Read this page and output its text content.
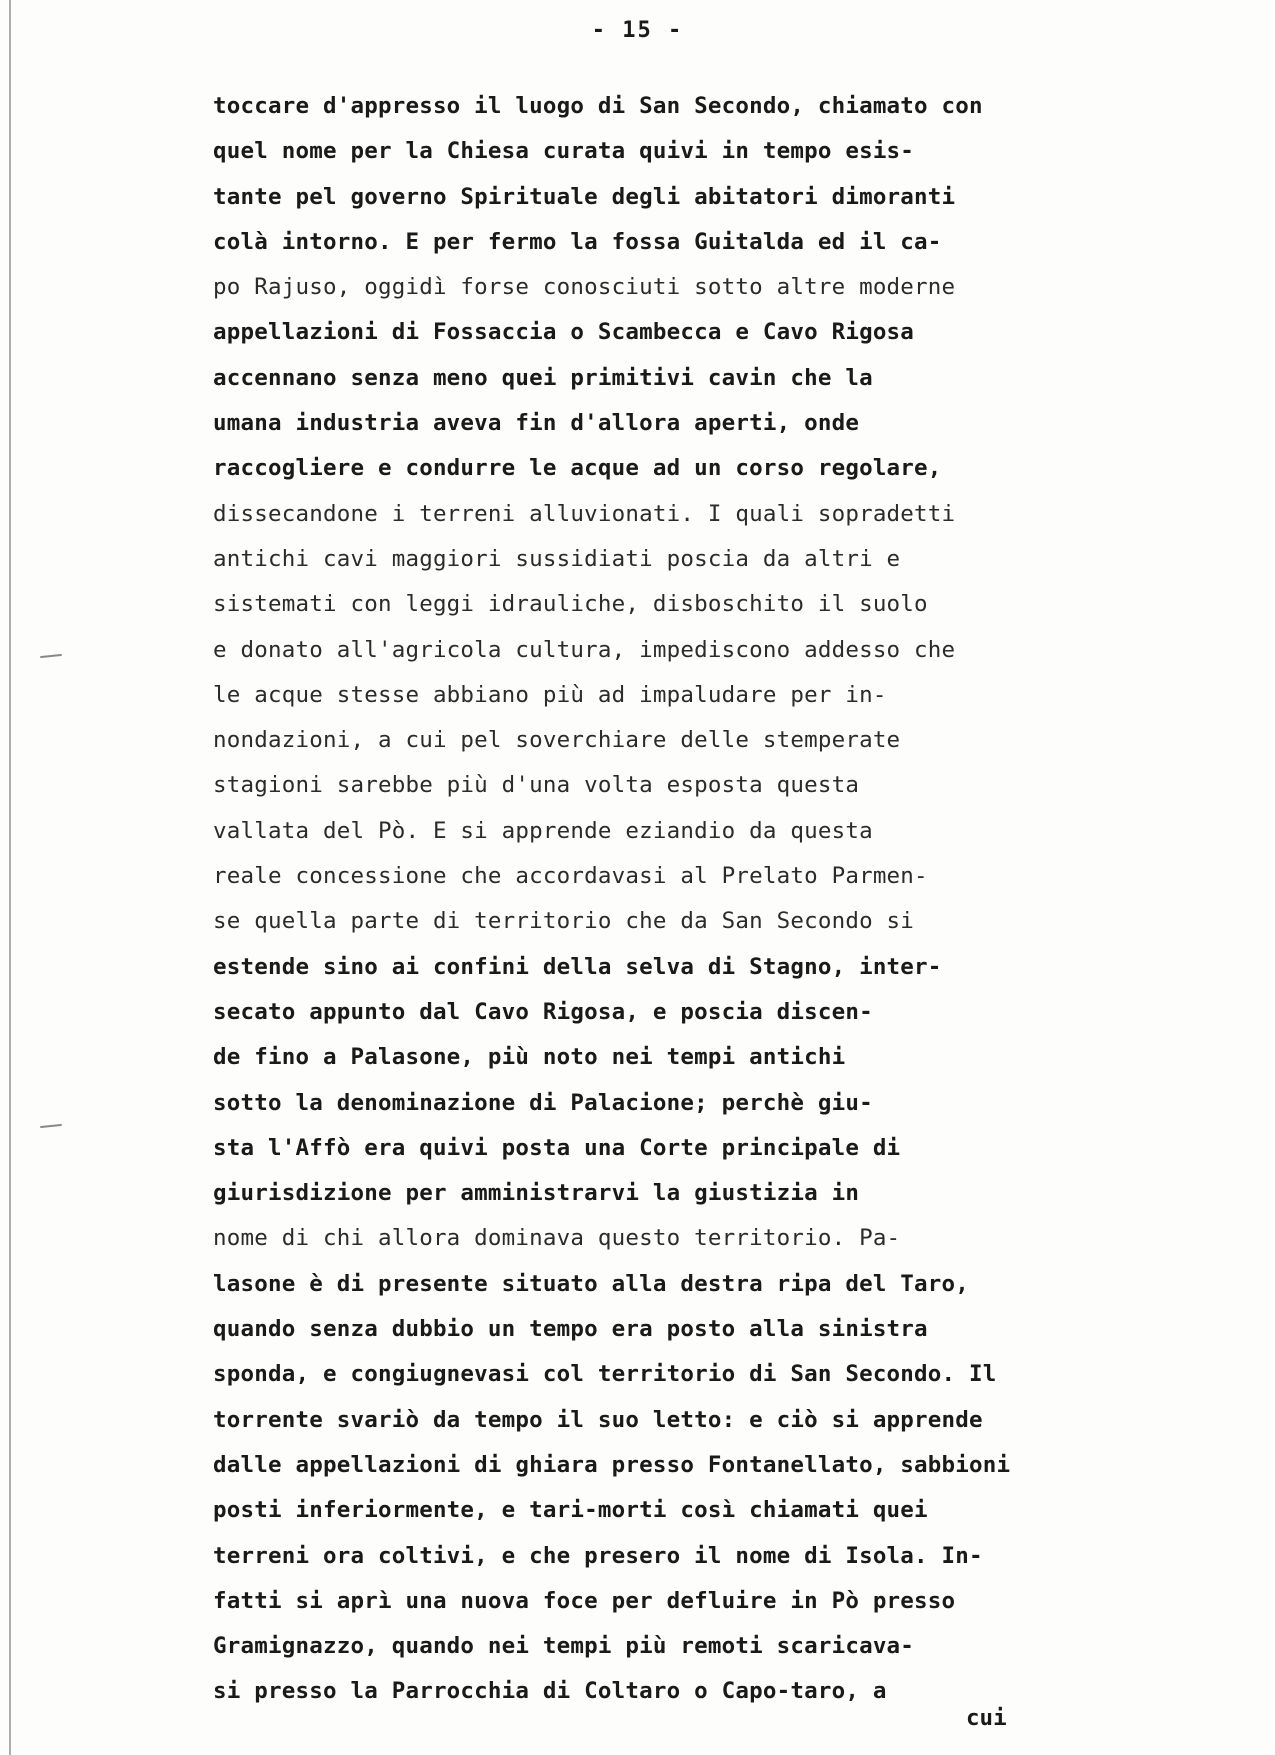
- 15 -
toccare d'appresso il luogo di San Secondo, chiamato con
quel nome per la Chiesa curata quivi in tempo esis-
tante pel governo Spirituale degli abitatori dimoranti
colà intorno. E per fermo la fossa Guitalda ed il ca-
po Rajuso, oggidì forse conosciuti sotto altre moderne
appellazioni di Fossaccia o Scambecca e Cavo Rigosa
accennano senza meno quei primitivi cavin che la
umana industria aveva fin d'allora aperti, onde
raccogliere e condurre le acque ad un corso regolare,
dissecandone i terreni alluvionati. I quali sopradetti
antichi cavi maggiori sussidiati poscia da altri e
sistemati con leggi idrauliche, disboschito il suolo
e donato all'agricola cultura, impediscono addesso che
le acque stesse abbiano più ad impaludare per in-
nondazioni, a cui pel soverchiare delle stemperate
stagioni sarebbe più d'una volta esposta questa
vallata del Pò. E si apprende eziandio da questa
reale concessione che accordavasi al Prelato Parmen-
se quella parte di territorio che da San Secondo si
estende sino ai confini della selva di Stagno, inter-
secato appunto dal Cavo Rigosa, e poscia discen-
de fino a Palasone, più noto nei tempi antichi
sotto la denominazione di Palacione; perchè giu-
sta l'Affò era quivi posta una Corte principale di
giurisdizione per amministrarvi la giustizia in
nome di chi allora dominava questo territorio. Pa-
lasone è di presente situato alla destra ripa del Taro,
quando senza dubbio un tempo era posto alla sinistra
sponda, e congiugnevasi col territorio di San Secondo. Il
torrente svariò da tempo il suo letto: e ciò si apprende
dalle appellazioni di ghiara presso Fontanellato, sabbioni
posti inferiormente, e tari-morti così chiamati quei
terreni ora coltivi, e che presero il nome di Isola. In-
fatti si aprì una nuova foce per defluire in Pò presso
Gramignazzo, quando nei tempi più remoti scaricava-
si presso la Parrocchia di Coltaro o Capo-taro, a
cui
